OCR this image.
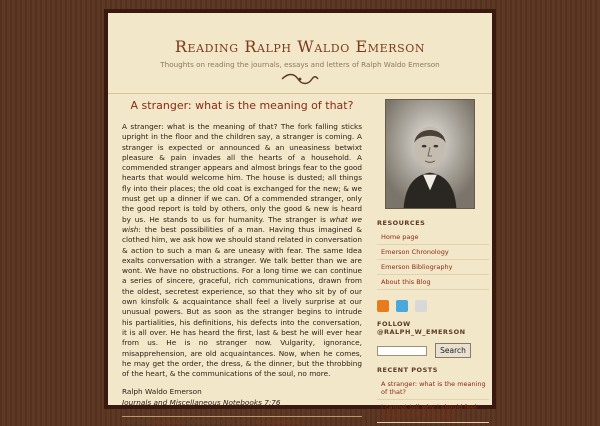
Reading Ralph Waldo Emerson
Thoughts on reading the journals, essays and letters of Ralph Waldo Emerson
A stranger: what is the meaning of that?

A stranger: what is the meaning of that? The fork falling sticks upright in the floor and the children say, a stranger is coming. A stranger is expected or announced & an uneasiness betwixt pleasure & pain invades all the hearts of a household. A commended stranger appears and almost brings fear to the good hearts that would welcome him. The house is dusted; all things fly into their places; the old coat is exchanged for the new; & we must get up a dinner if we can. Of a commended stranger, only the good report is told by others, only the good & new is heard by us. He stands to us for humanity. The stranger is what we wish: the best possibilities of a man. Having thus imagined & clothed him, we ask how we should stand related in conversation & action to such a man & are uneasy with fear. The same Idea exalts conversation with a stranger. We talk better than we are wont. We have no obstructions. For a long time we can continue a series of sincere, graceful, rich communications, drawn from the oldest, secretest experience, so that they who sit by of our own kinsfolk & acquaintance shall feel a lively surprise at our unusual powers. But as soon as the stranger begins to intrude his partialities, his definitions, his defects into the conversation, it is all over. He has heard the first, last & best he will ever hear from us. He is no stranger now. Vulgarity, ignorance, misapprehension, are old acquaintances. Now, when he comes, he may get the order, the dress, & the dinner, but the throbbing of the heart, & the communications of the soul, no more.

Ralph Waldo Emerson
Journals and Miscellaneous Notebooks 7:76
POSTED IN JOURNALS ON FEBRUARY 18, 2014 | NO COMMENTS »
RESOURCES
Home page
Emerson Chronology
Emerson Bibliography
About this Blog

FOLLOW @RALPH_W_EMERSON
Search
RECENT POSTS
A stranger: what is the meaning of that?
I cannot tell why I should feel myself such a stranger
